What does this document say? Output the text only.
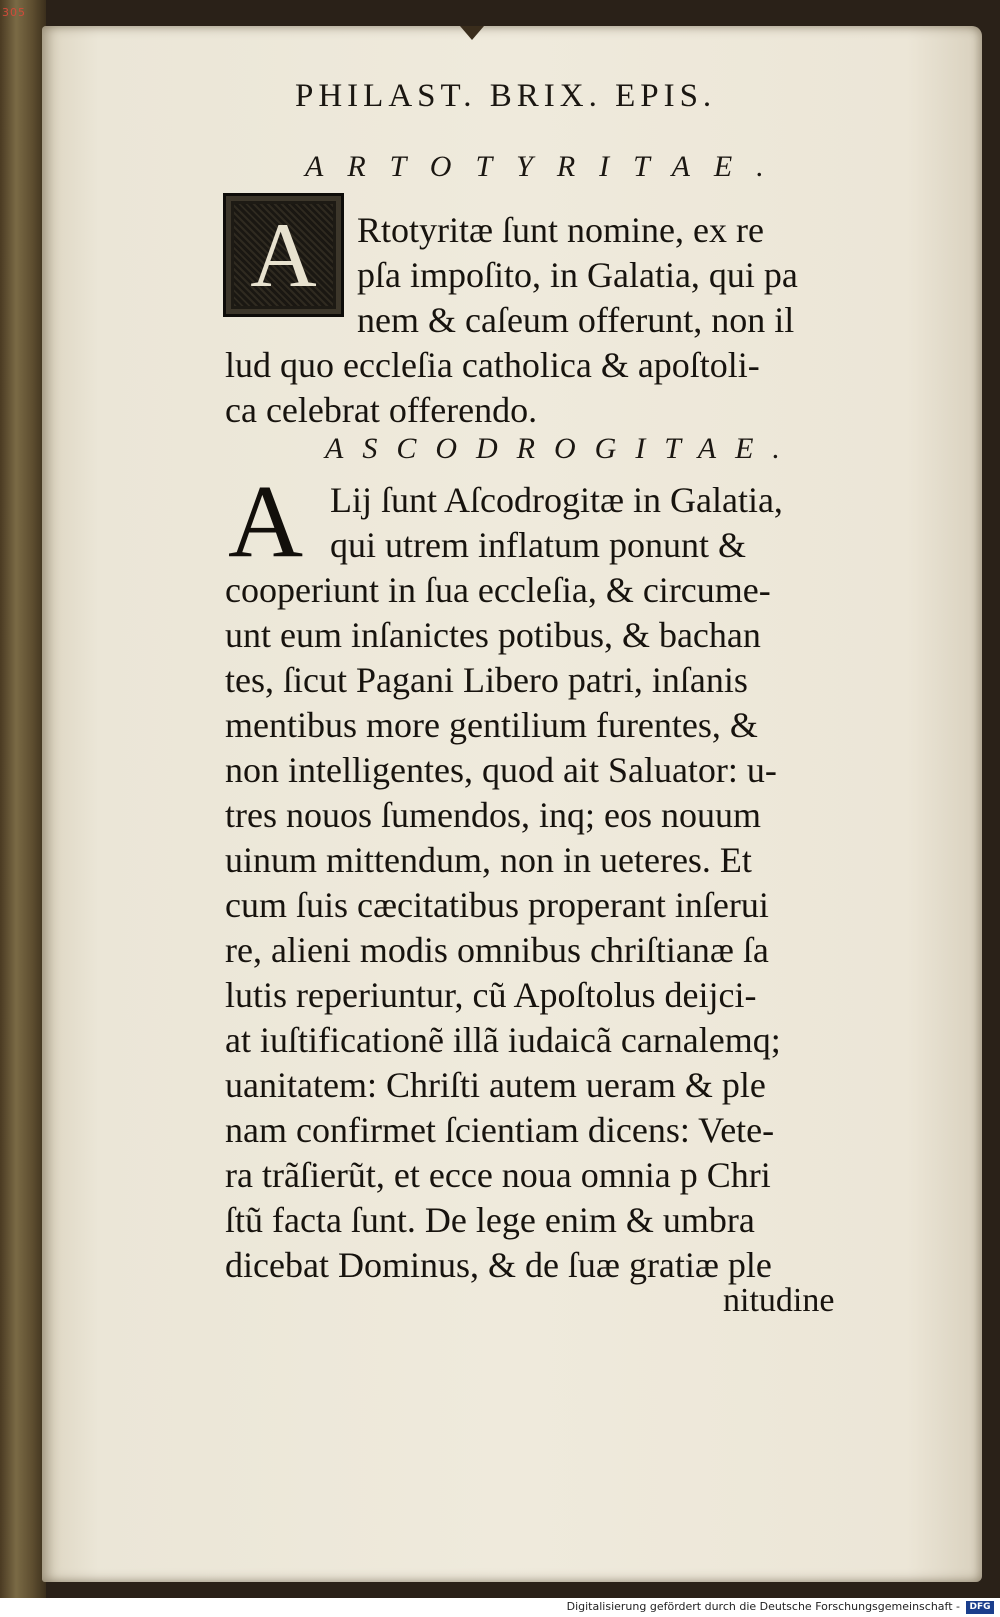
305
PHILAST. BRIX. EPIS.
ARTOTYRITAE.
A	Rtotyritæ ſunt nomine, ex re
pſa impoſito, in Galatia, qui pa
nem & caſeum offerunt, non il
lud quo eccleſia catholica & apoſtoli-
ca celebrat offerendo.
ASCODROGITAE.
A Lij ſunt Aſcodrogitæ in Galatia,
qui utrem inflatum ponunt &
cooperiunt in ſua eccleſia, & circume-
unt eum inſanictes potibus, & bachan
tes, ſicut Pagani Libero patri, inſanis
mentibus more gentilium furentes, &
non intelligentes, quod ait Saluator: u-
tres nouos ſumendos, inq; eos nouum
uinum mittendum, non in ueteres. Et
cum ſuis cæcitatibus properant inſerui
re, alieni modis omnibus chriſtianæ ſa
lutis reperiuntur, cũ Apoſtolus deijci-
at iuſtificationẽ illã iudaicã carnalemq;
uanitatem: Chriſti autem ueram & ple
nam confirmet ſcientiam dicens: Vete-
ra trãſierũt, et ecce noua omnia p Chri
ſtũ facta ſunt. De lege enim & umbra
dicebat Dominus, & de ſuæ gratiæ ple
nitudine
Digitalisierung gefördert durch die Deutsche Forschungsgemeinschaft -	DFG
